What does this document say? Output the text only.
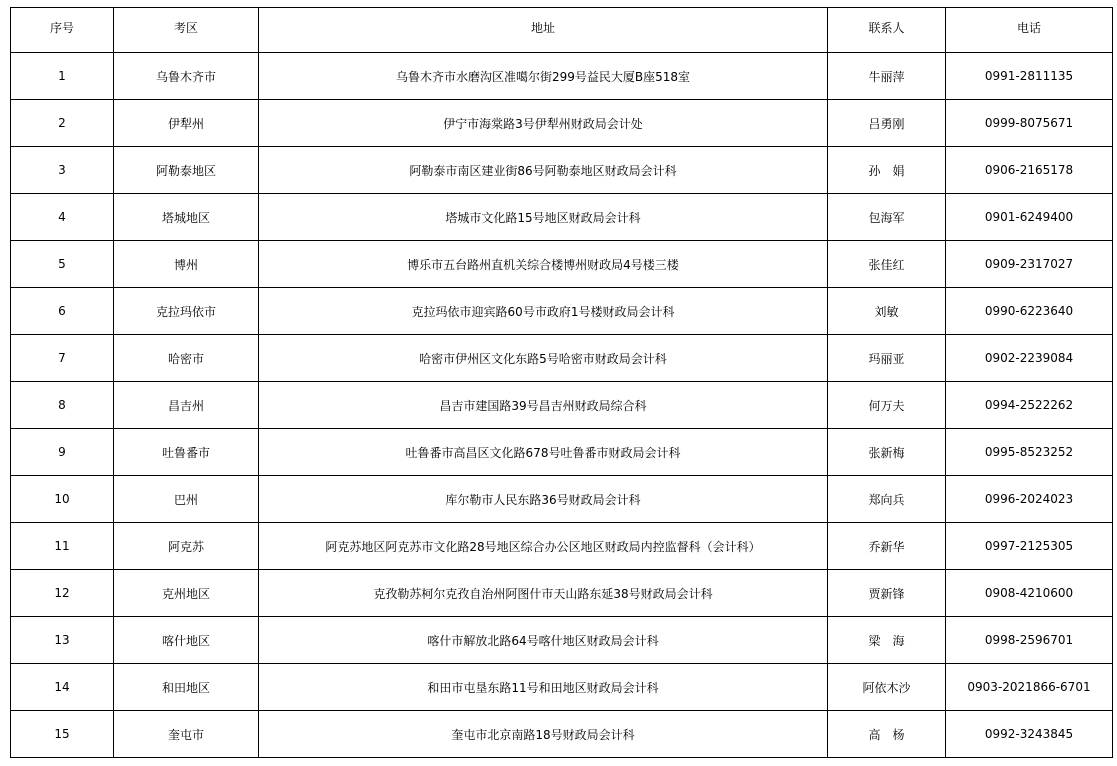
序号	考区	地址	联系人	电话
1	乌鲁木齐市	乌鲁木齐市水磨沟区准噶尔街299号益民大厦B座518室	牛丽萍	0991-2811135
2	伊犁州	伊宁市海棠路3号伊犁州财政局会计处	吕勇刚	0999-8075671
3	阿勒泰地区	阿勒泰市南区建业街86号阿勒泰地区财政局会计科	孙　娟	0906-2165178
4	塔城地区	塔城市文化路15号地区财政局会计科	包海军	0901-6249400
5	博州	博乐市五台路州直机关综合楼博州财政局4号楼三楼	张佳红	0909-2317027
6	克拉玛依市	克拉玛依市迎宾路60号市政府1号楼财政局会计科	刘敏	0990-6223640
7	哈密市	哈密市伊州区文化东路5号哈密市财政局会计科	玛丽亚	0902-2239084
8	昌吉州	昌吉市建国路39号昌吉州财政局综合科	何万夫	0994-2522262
9	吐鲁番市	吐鲁番市高昌区文化路678号吐鲁番市财政局会计科	张新梅	0995-8523252
10	巴州	库尔勒市人民东路36号财政局会计科	郑向兵	0996-2024023
11	阿克苏	阿克苏地区阿克苏市文化路28号地区综合办公区地区财政局内控监督科（会计科）	乔新华	0997-2125305
12	克州地区	克孜勒苏柯尔克孜自治州阿图什市天山路东延38号财政局会计科	贾新锋	0908-4210600
13	喀什地区	喀什市解放北路64号喀什地区财政局会计科	梁　海	0998-2596701
14	和田地区	和田市屯垦东路11号和田地区财政局会计科	阿依木沙	0903-2021866-6701
15	奎屯市	奎屯市北京南路18号财政局会计科	高　杨	0992-3243845
